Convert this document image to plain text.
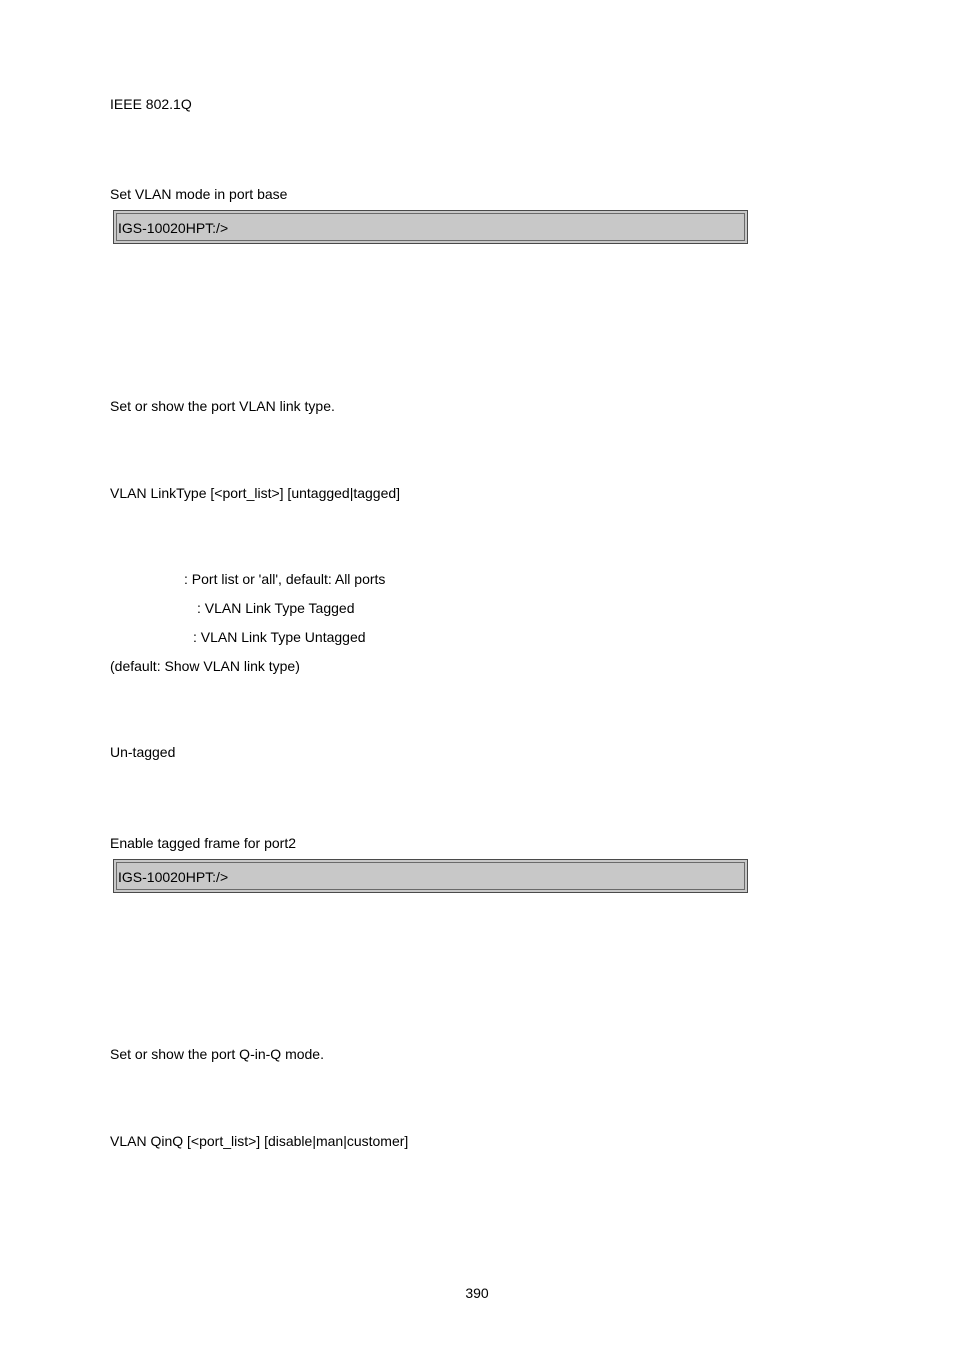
IEEE 802.1Q
Set VLAN mode in port base
IGS-10020HPT:/>
Set or show the port VLAN link type.
VLAN LinkType [<port_list>] [untagged|tagged]
: Port list or 'all', default: All ports
: VLAN Link Type Tagged
: VLAN Link Type Untagged
(default: Show VLAN link type)
Un-tagged
Enable tagged frame for port2
IGS-10020HPT:/>
Set or show the port Q-in-Q mode.
VLAN QinQ [<port_list>] [disable|man|customer]
390
